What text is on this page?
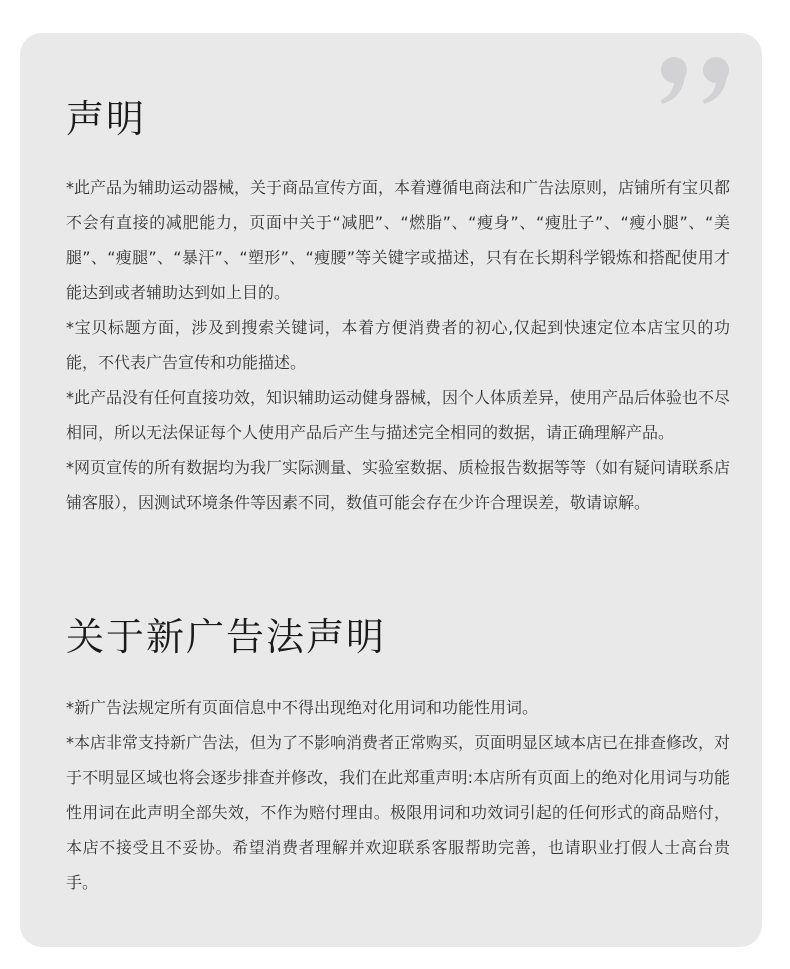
声明

*此产品为辅助运动器械，关于商品宣传方面，本着遵循电商法和广告法原则，店铺所有宝贝都不会有直接的减肥能力，页面中关于“减肥”、“燃脂”、“瘦身”、“瘦肚子”、“瘦小腿”、“美腿”、“瘦腿”、“暴汗”、“塑形”、“瘦腰”等关键字或描述，只有在长期科学锻炼和搭配使用才能达到或者辅助达到如上目的。

*宝贝标题方面，涉及到搜索关键词，本着方便消费者的初心,仅起到快速定位本店宝贝的功能，不代表广告宣传和功能描述。

*此产品没有任何直接功效，知识辅助运动健身器械，因个人体质差异，使用产品后体验也不尽相同，所以无法保证每个人使用产品后产生与描述完全相同的数据，请正确理解产品。

*网页宣传的所有数据均为我厂实际测量、实验室数据、质检报告数据等等（如有疑问请联系店铺客服），因测试环境条件等因素不同，数值可能会存在少许合理误差，敬请谅解。

关于新广告法声明

*新广告法规定所有页面信息中不得出现绝对化用词和功能性用词。

*本店非常支持新广告法，但为了不影响消费者正常购买，页面明显区域本店已在排查修改，对于不明显区域也将会逐步排查并修改，我们在此郑重声明:本店所有页面上的绝对化用词与功能性用词在此声明全部失效，不作为赔付理由。极限用词和功效词引起的任何形式的商品赔付，本店不接受且不妥协。希望消费者理解并欢迎联系客服帮助完善，也请职业打假人士高台贵手。
